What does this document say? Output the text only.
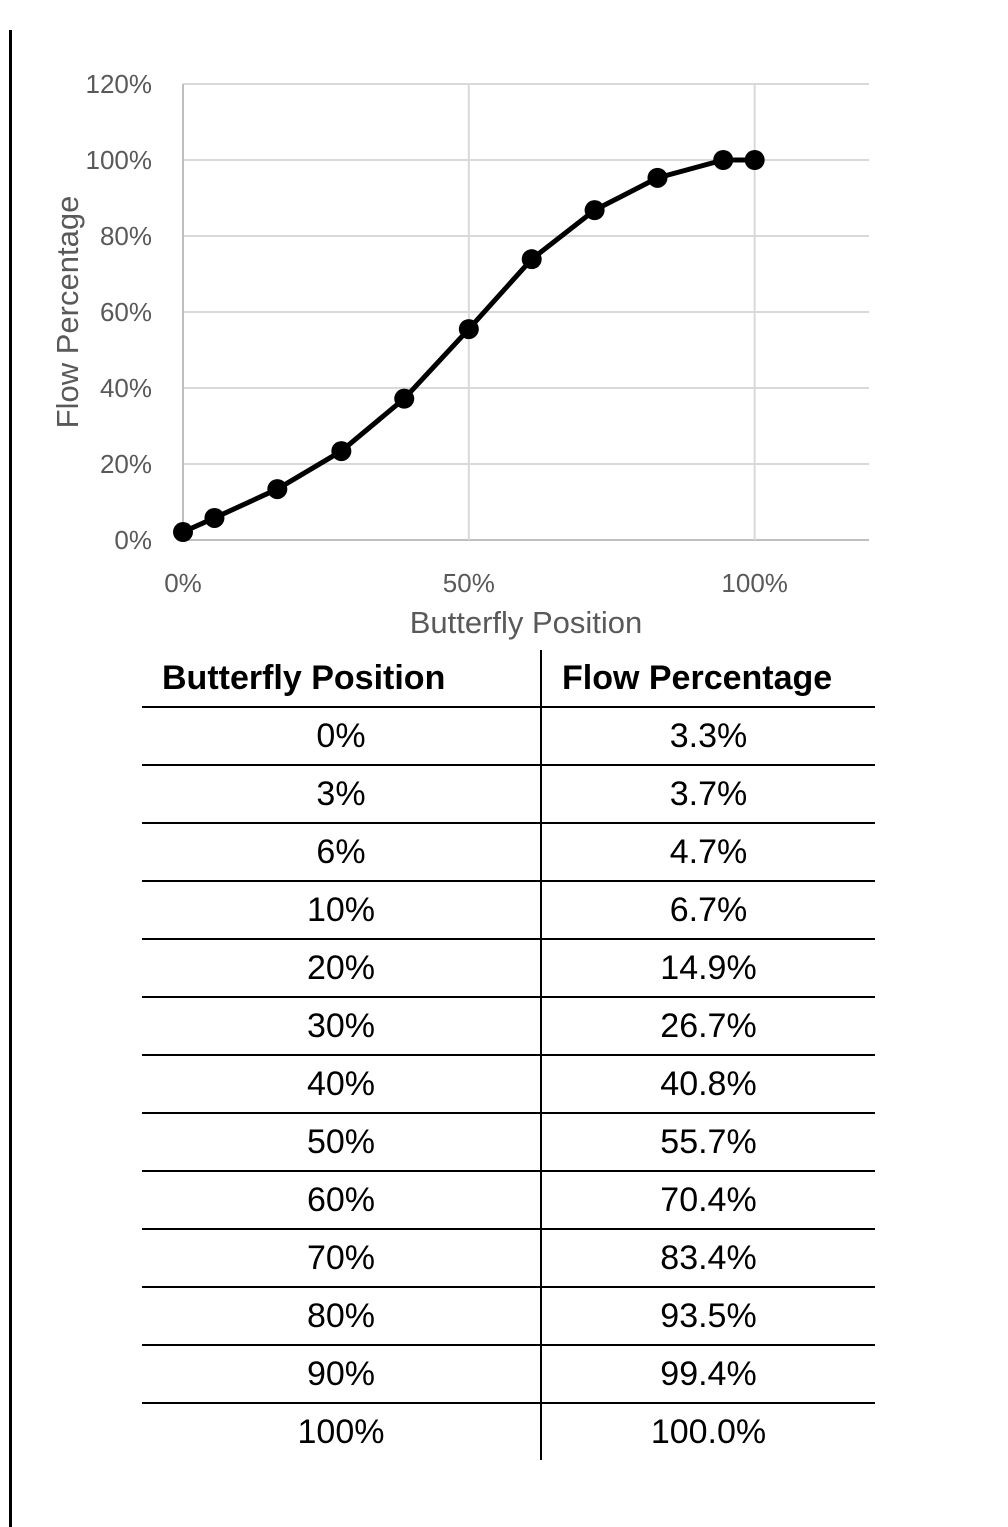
0%
20%
40%
60%
80%
100%
120%
0%	50%	100%
Butterfly Position
Flow Percentage
Butterfly Position	Flow Percentage
0%	3.3%
3%	3.7%
6%	4.7%
10%	6.7%
20%	14.9%
30%	26.7%
40%	40.8%
50%	55.7%
60%	70.4%
70%	83.4%
80%	93.5%
90%	99.4%
100%	100.0%
